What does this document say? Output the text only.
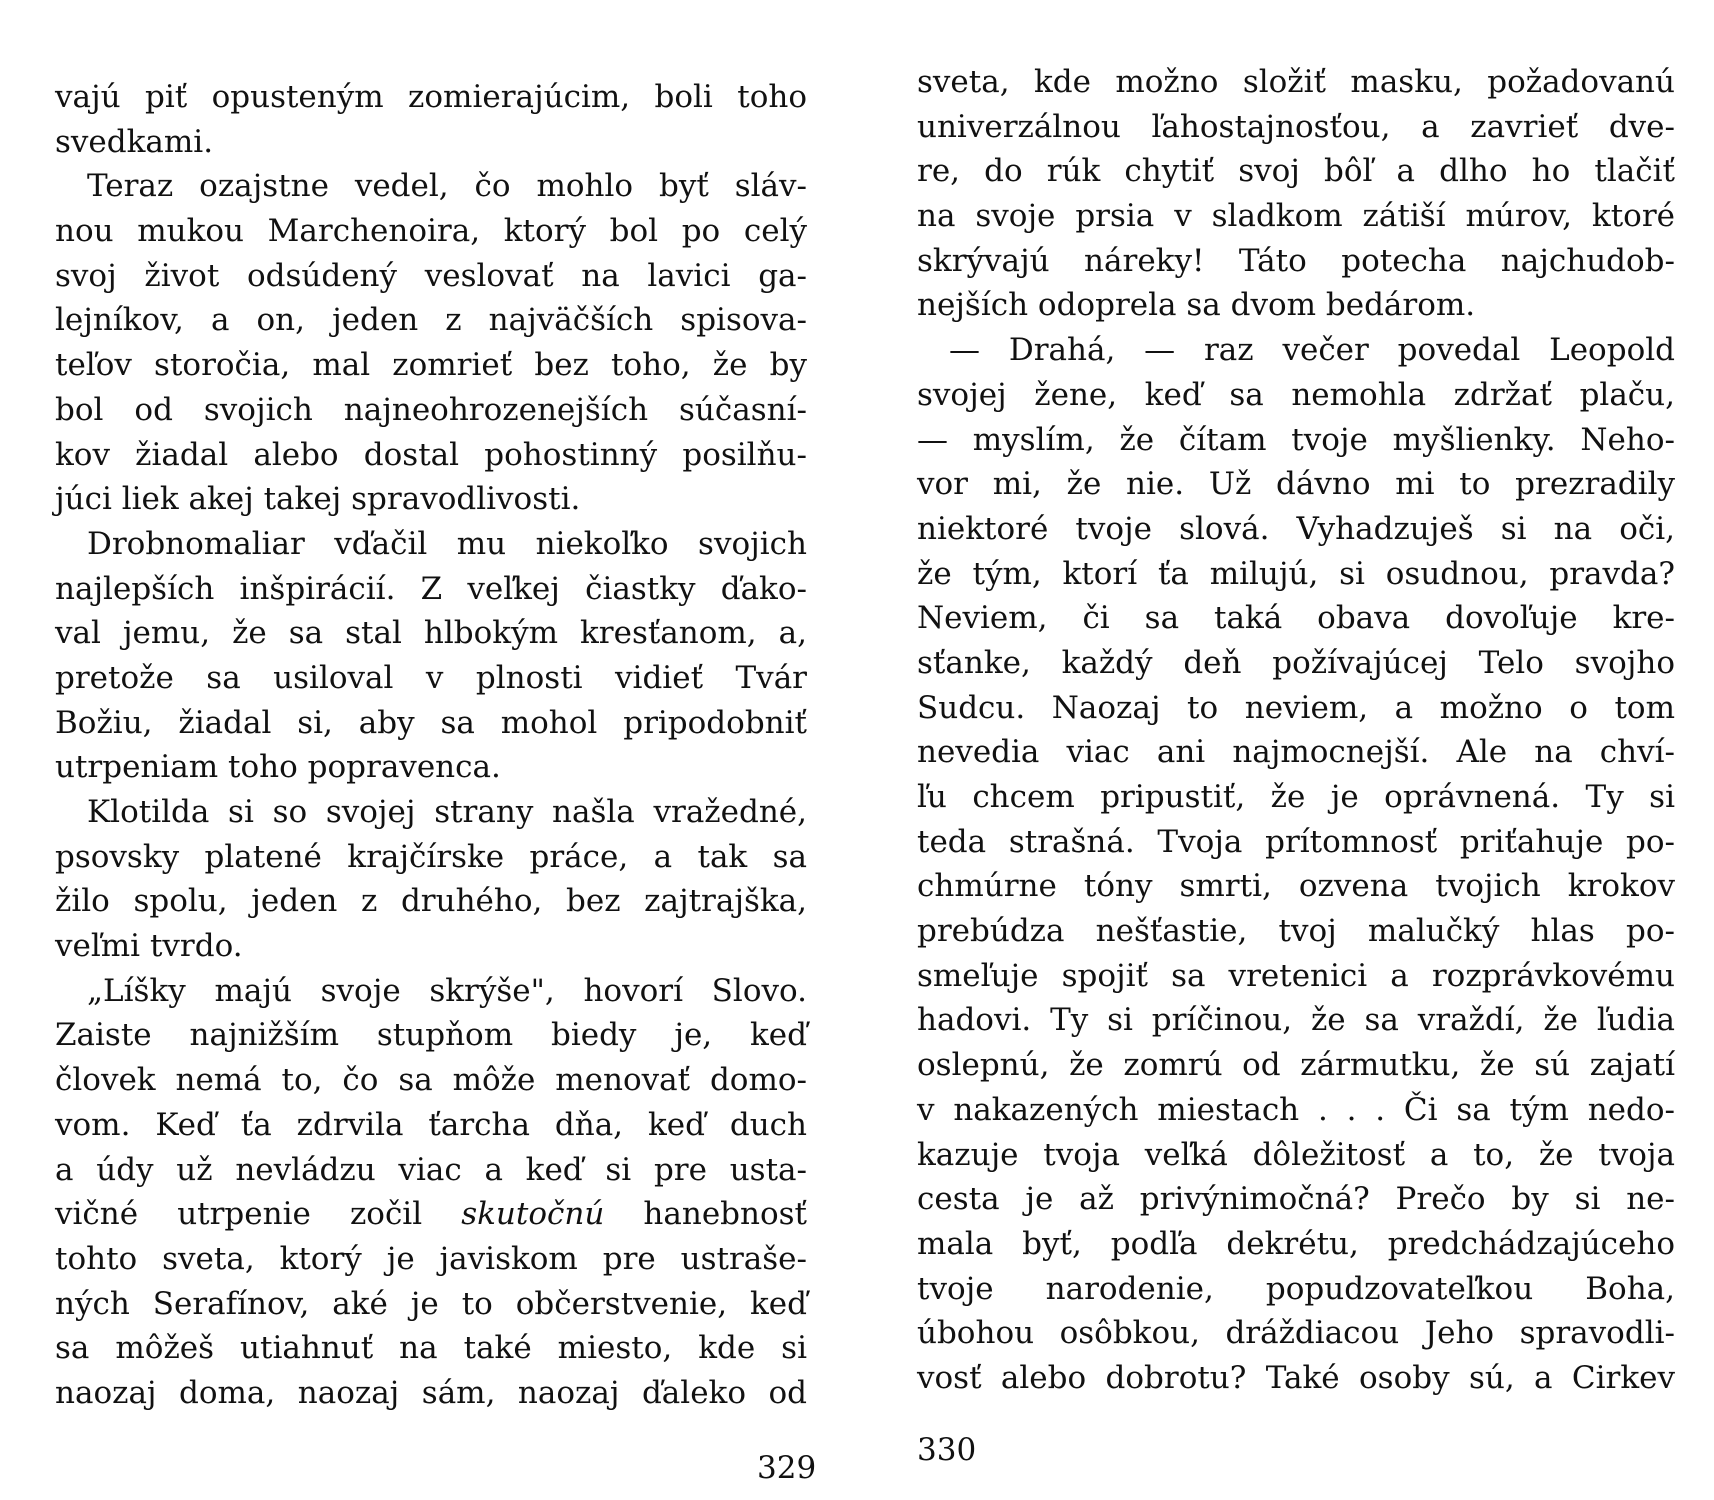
vajú piť opusteným zomierajúcim, boli toho
svedkami.
Teraz ozajstne vedel, čo mohlo byť sláv-
nou mukou Marchenoira, ktorý bol po celý
svoj život odsúdený veslovať na lavici ga-
lejníkov, a on, jeden z najväčších spisova-
teľov storočia, mal zomrieť bez toho, že by
bol od svojich najneohrozenejších súčasní-
kov žiadal alebo dostal pohostinný posilňu-
júci liek akej takej spravodlivosti.
Drobnomaliar vďačil mu niekoľko svojich
najlepších inšpirácií. Z veľkej čiastky ďako-
val jemu, že sa stal hlbokým kresťanom, a,
pretože sa usiloval v plnosti vidieť Tvár
Božiu, žiadal si, aby sa mohol pripodobniť
utrpeniam toho popravenca.
Klotilda si so svojej strany našla vražedné,
psovsky platené krajčírske práce, a tak sa
žilo spolu, jeden z druhého, bez zajtrajška,
veľmi tvrdo.
„Líšky majú svoje skrýše", hovorí Slovo.
Zaiste najnižším stupňom biedy je, keď
človek nemá to, čo sa môže menovať domo-
vom. Keď ťa zdrvila ťarcha dňa, keď duch
a údy už nevládzu viac a keď si pre usta-
vičné utrpenie zočil skutočnú hanebnosť
tohto sveta, ktorý je javiskom pre ustraše-
ných Serafínov, aké je to občerstvenie, keď
sa môžeš utiahnuť na také miesto, kde si
naozaj doma, naozaj sám, naozaj ďaleko od
329
sveta, kde možno složiť masku, požadovanú
univerzálnou ľahostajnosťou, a zavrieť dve-
re, do rúk chytiť svoj bôľ a dlho ho tlačiť
na svoje prsia v sladkom zátiší múrov, ktoré
skrývajú náreky! Táto potecha najchudob-
nejších odoprela sa dvom bedárom.
— Drahá, — raz večer povedal Leopold
svojej žene, keď sa nemohla zdržať plaču,
— myslím, že čítam tvoje myšlienky. Neho-
vor mi, že nie. Už dávno mi to prezradily
niektoré tvoje slová. Vyhadzuješ si na oči,
že tým, ktorí ťa milujú, si osudnou, pravda?
Neviem, či sa taká obava dovoľuje kre-
sťanke, každý deň požívajúcej Telo svojho
Sudcu. Naozaj to neviem, a možno o tom
nevedia viac ani najmocnejší. Ale na chví-
ľu chcem pripustiť, že je oprávnená. Ty si
teda strašná. Tvoja prítomnosť priťahuje po-
chmúrne tóny smrti, ozvena tvojich krokov
prebúdza nešťastie, tvoj malučký hlas po-
smeľuje spojiť sa vretenici a rozprávkovému
hadovi. Ty si príčinou, že sa vraždí, že ľudia
oslepnú, že zomrú od zármutku, že sú zajatí
v nakazených miestach . . . Či sa tým nedo-
kazuje tvoja veľká dôležitosť a to, že tvoja
cesta je až privýnimočná? Prečo by si ne-
mala byť, podľa dekrétu, predchádzajúceho
tvoje narodenie, popudzovateľkou Boha,
úbohou osôbkou, dráždiacou Jeho spravodli-
vosť alebo dobrotu? Také osoby sú, a Cirkev
330
